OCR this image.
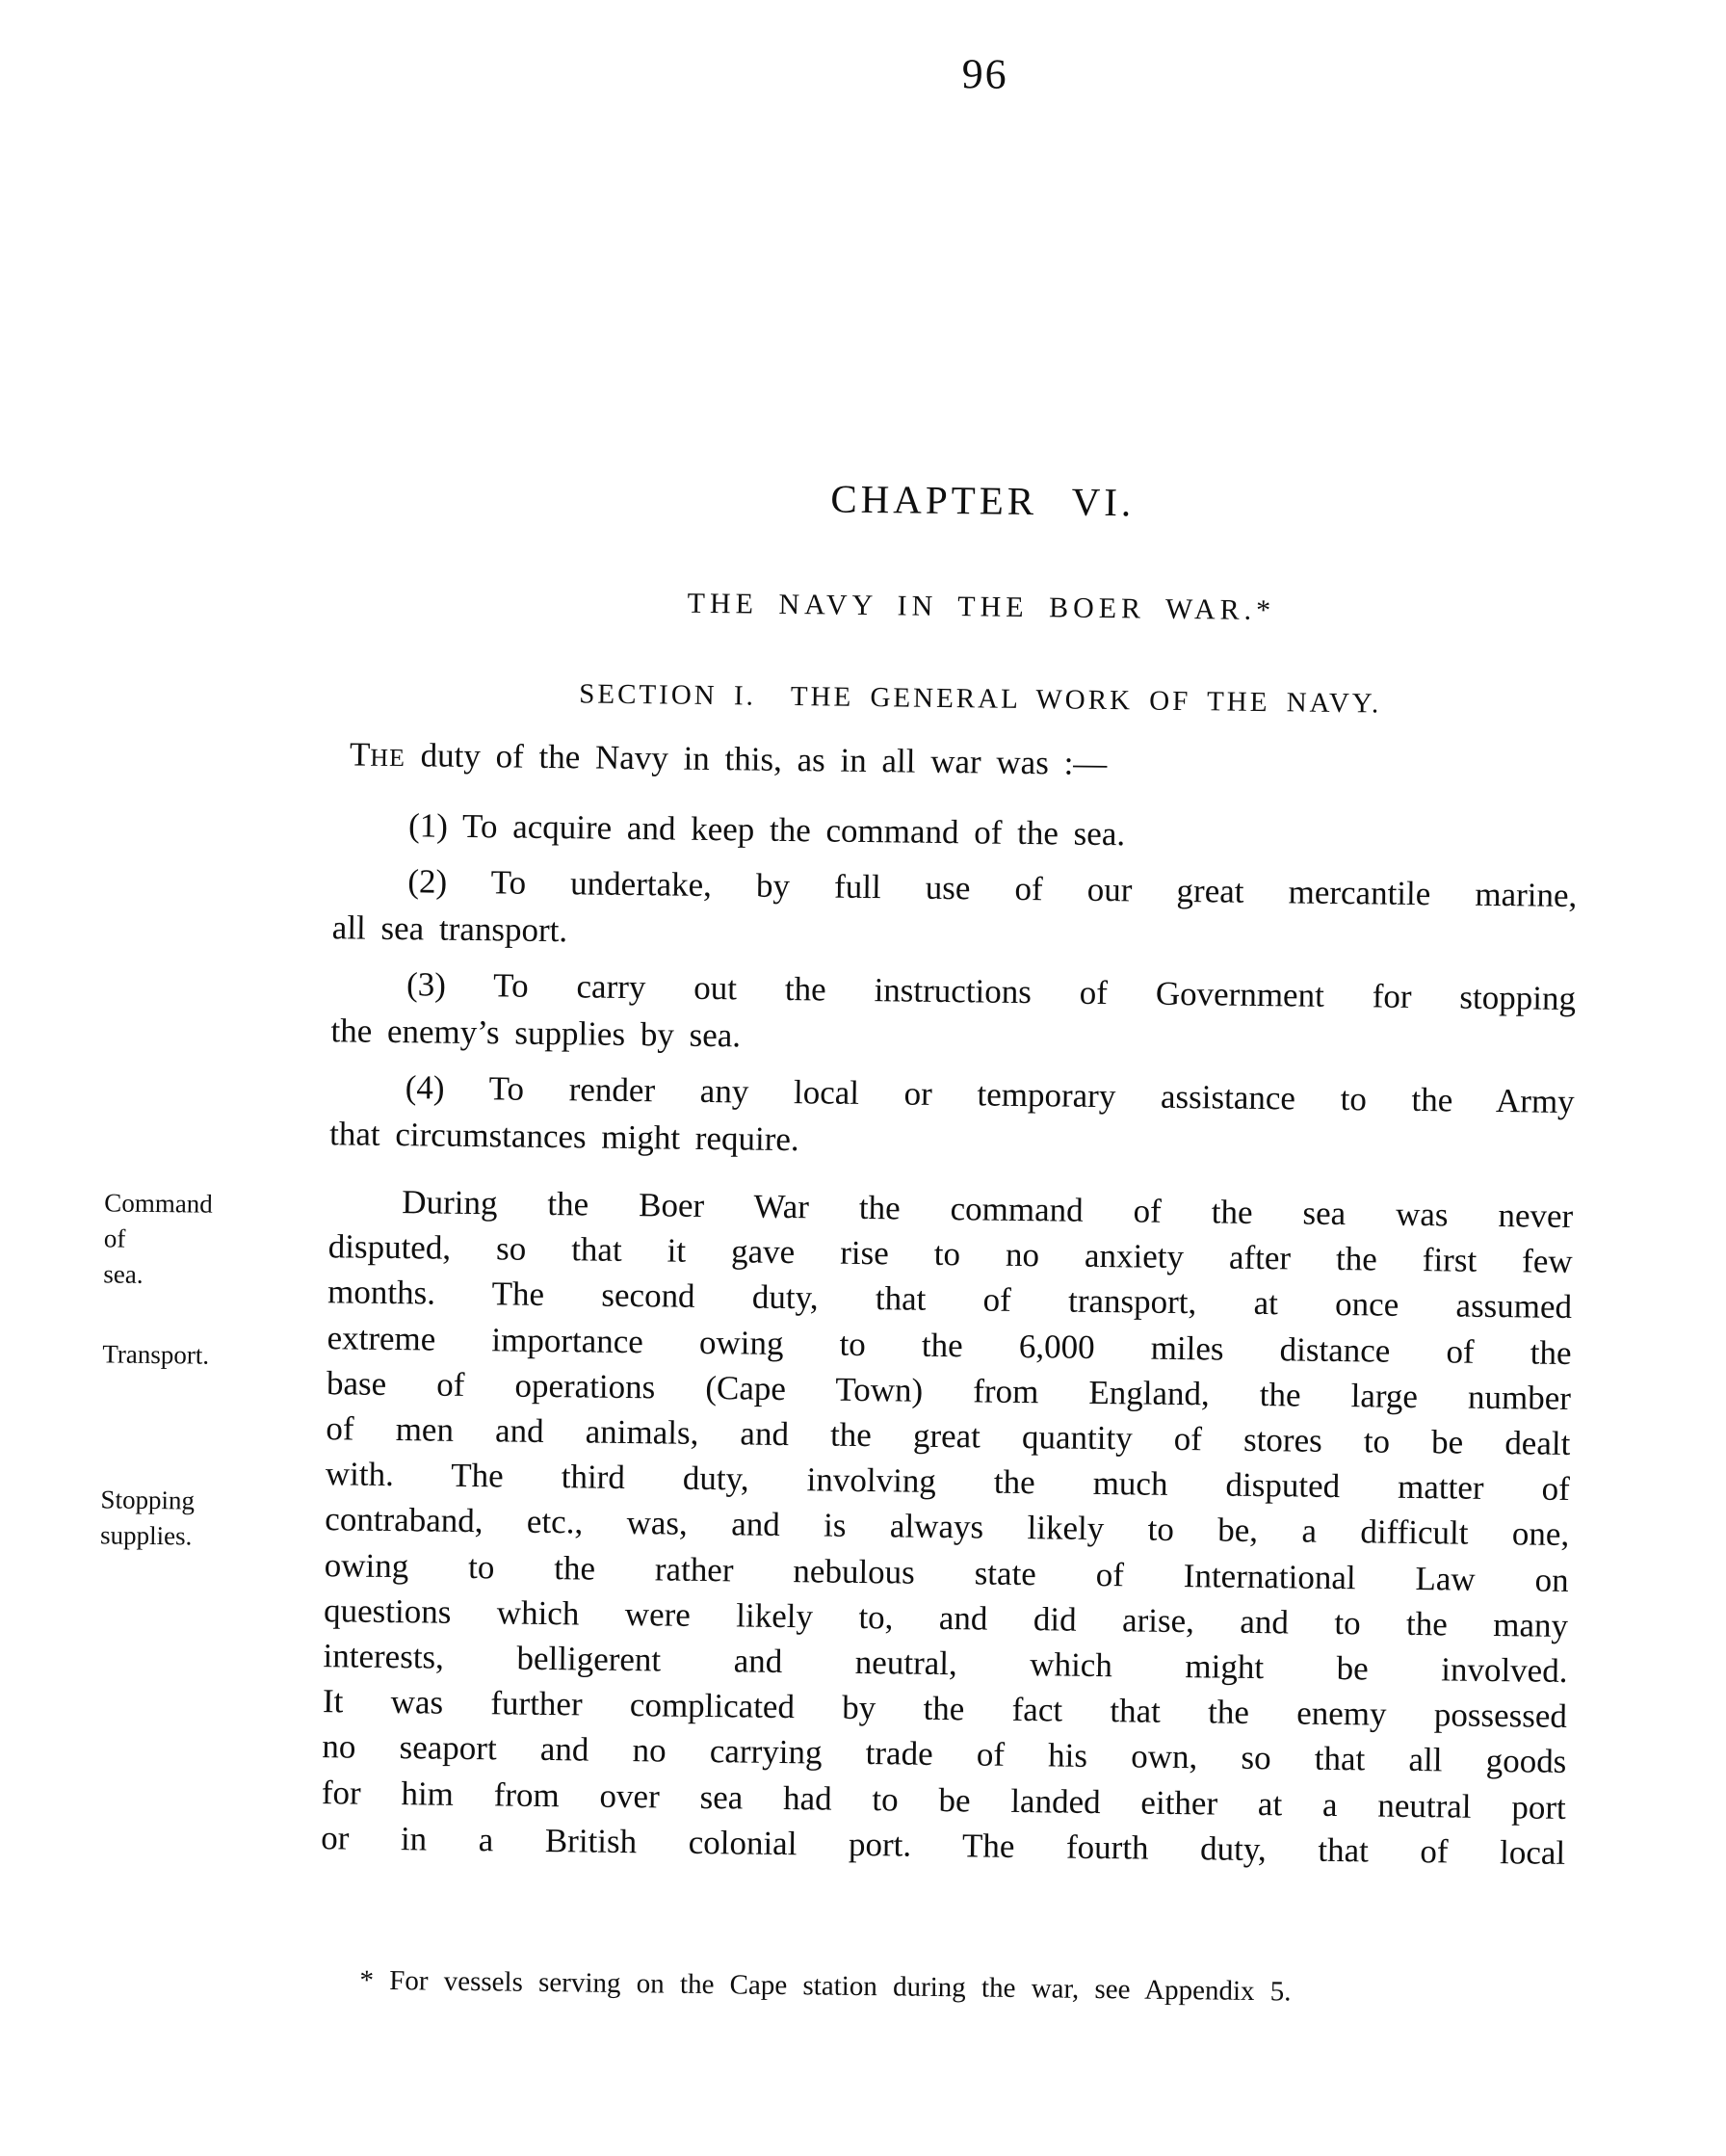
96
CHAPTER VI.
THE NAVY IN THE BOER WAR.*
SECTION I. THE GENERAL WORK OF THE NAVY.

THE duty of the Navy in this, as in all war was :—

(1) To acquire and keep the command of the sea.
(2) To undertake, by full use of our great mercantile marine,
all sea transport.
(3) To carry out the instructions of Government for stopping
the enemy’s supplies by sea.
(4) To render any local or temporary assistance to the Army
that circumstances might require.
Command
of
sea.
Transport.
Stopping
supplies.
During the Boer War the command of the sea was never
disputed, so that it gave rise to no anxiety after the first few
months. The second duty, that of transport, at once assumed
extreme importance owing to the 6,000 miles distance of the
base of operations (Cape Town) from England, the large number
of men and animals, and the great quantity of stores to be dealt
with. The third duty, involving the much disputed matter of
contraband, etc., was, and is always likely to be, a difficult one,
owing to the rather nebulous state of International Law on
questions which were likely to, and did arise, and to the many
interests, belligerent and neutral, which might be involved.
It was further complicated by the fact that the enemy possessed
no seaport and no carrying trade of his own, so that all goods
for him from over sea had to be landed either at a neutral port
or in a British colonial port. The fourth duty, that of local

* For vessels serving on the Cape station during the war, see Appendix 5.
